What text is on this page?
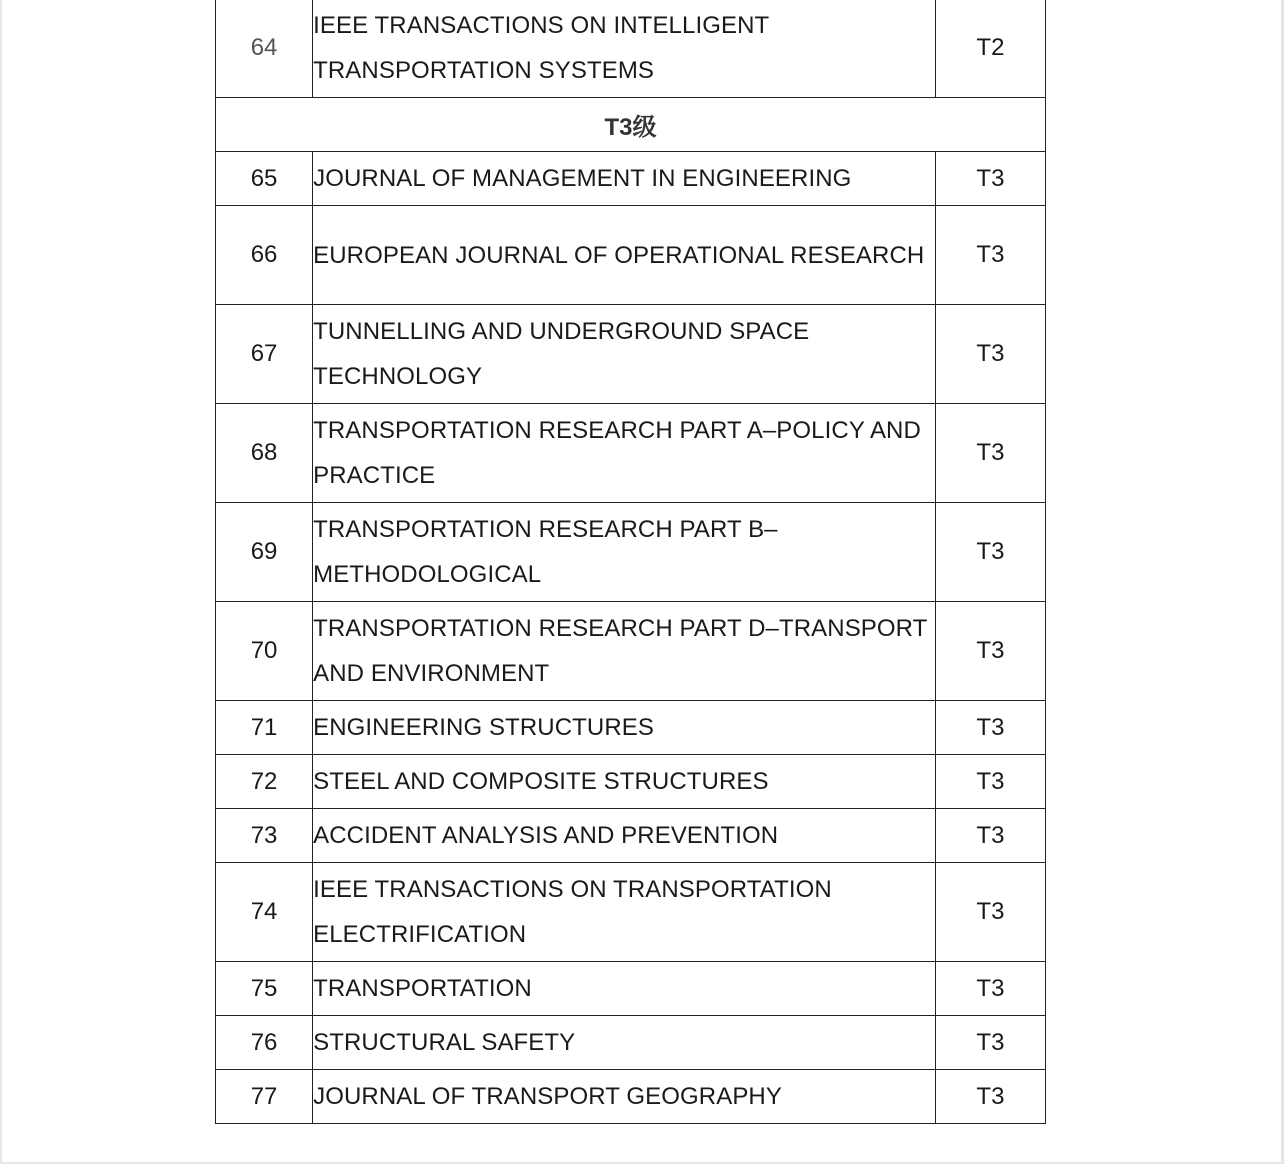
64	IEEE TRANSACTIONS ON INTELLIGENT TRANSPORTATION SYSTEMS	T2
T3级		
65	JOURNAL OF MANAGEMENT IN ENGINEERING	T3
66	EUROPEAN JOURNAL OF OPERATIONAL RESEARCH	T3
67	TUNNELLING AND UNDERGROUND SPACE TECHNOLOGY	T3
68	TRANSPORTATION RESEARCH PART A–POLICY AND PRACTICE	T3
69	TRANSPORTATION RESEARCH PART B–METHODOLOGICAL	T3
70	TRANSPORTATION RESEARCH PART D–TRANSPORT AND ENVIRONMENT	T3
71	ENGINEERING STRUCTURES	T3
72	STEEL AND COMPOSITE STRUCTURES	T3
73	ACCIDENT ANALYSIS AND PREVENTION	T3
74	IEEE TRANSACTIONS ON TRANSPORTATION ELECTRIFICATION	T3
75	TRANSPORTATION	T3
76	STRUCTURAL SAFETY	T3
77	JOURNAL OF TRANSPORT GEOGRAPHY	T3
